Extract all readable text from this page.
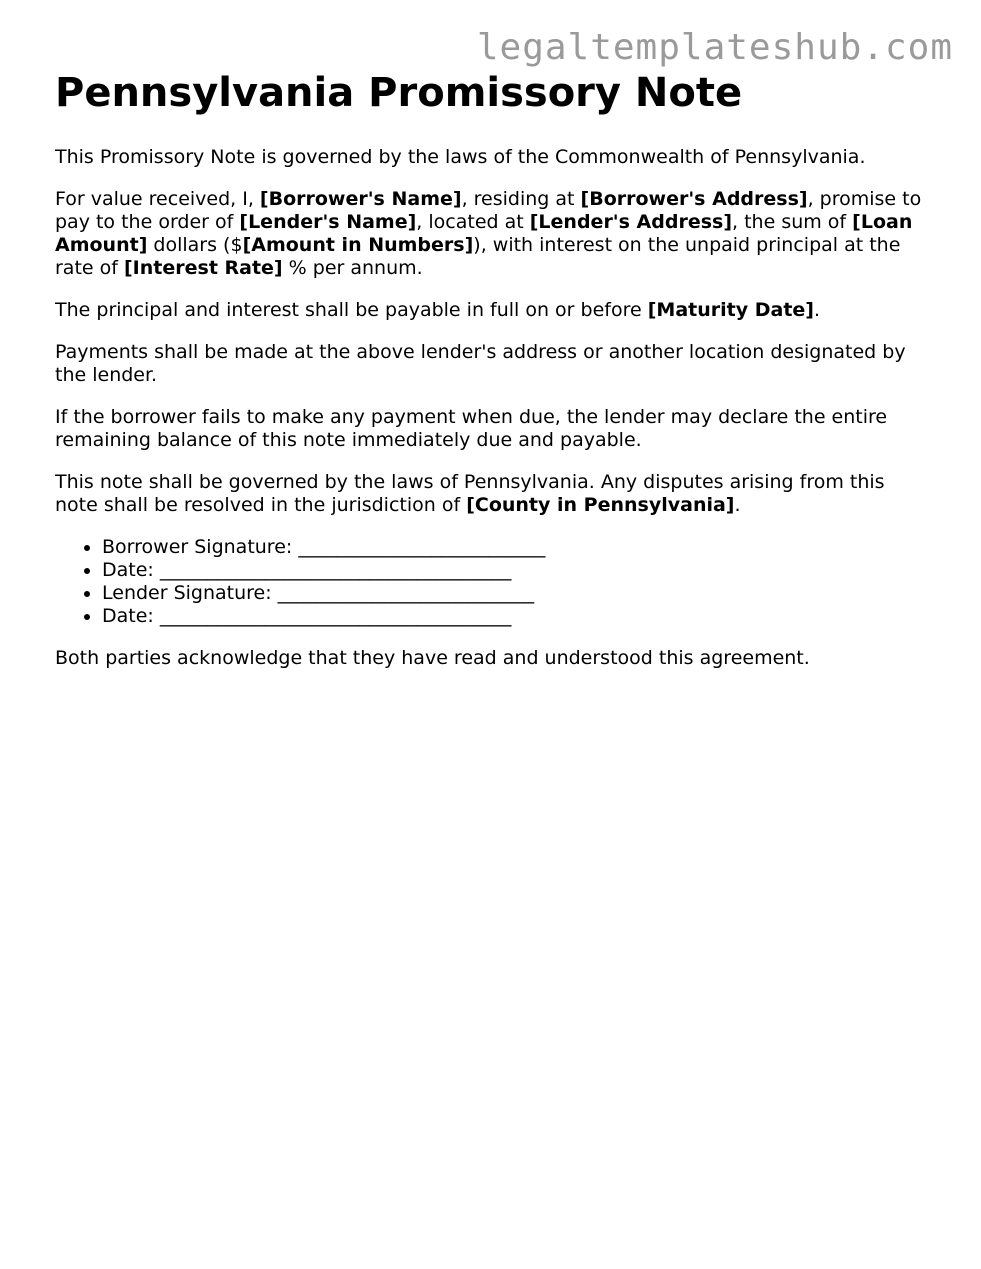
legaltemplateshub.com
Pennsylvania Promissory Note

This Promissory Note is governed by the laws of the Commonwealth of Pennsylvania.

For value received, I, [Borrower's Name], residing at [Borrower's Address], promise to pay to the order of [Lender's Name], located at [Lender's Address], the sum of [Loan Amount] dollars ($[Amount in Numbers]), with interest on the unpaid principal at the rate of [Interest Rate] % per annum.

The principal and interest shall be payable in full on or before [Maturity Date].

Payments shall be made at the above lender's address or another location designated by the lender.

If the borrower fails to make any payment when due, the lender may declare the entire remaining balance of this note immediately due and payable.

This note shall be governed by the laws of Pennsylvania. Any disputes arising from this note shall be resolved in the jurisdiction of [County in Pennsylvania].

• Borrower Signature: __________________________
• Date: _____________________________________
• Lender Signature: ___________________________
• Date: _____________________________________

Both parties acknowledge that they have read and understood this agreement.
